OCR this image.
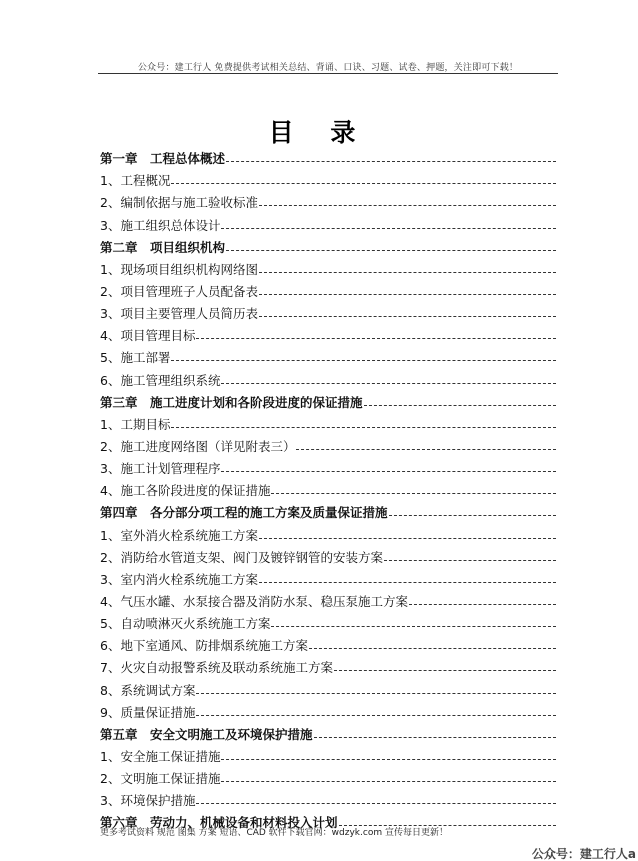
公众号：建工行人 免费提供考试相关总结、背诵、口诀、习题、试卷、押题，关注即可下载！
目 录
第一章　工程总体概述
1、工程概况
2、编制依据与施工验收标准
3、施工组织总体设计
第二章　项目组织机构
1、现场项目组织机构网络图
2、项目管理班子人员配备表
3、项目主要管理人员简历表
4、项目管理目标
5、施工部署
6、施工管理组织系统
第三章　施工进度计划和各阶段进度的保证措施
1、工期目标
2、施工进度网络图（详见附表三）
3、施工计划管理程序
4、施工各阶段进度的保证措施
第四章　各分部分项工程的施工方案及质量保证措施
1、室外消火栓系统施工方案
2、消防给水管道支架、阀门及镀锌钢管的安装方案
3、室内消火栓系统施工方案
4、气压水罐、水泵接合器及消防水泵、稳压泵施工方案
5、自动喷淋灭火系统施工方案
6、地下室通风、防排烟系统施工方案
7、火灾自动报警系统及联动系统施工方案
8、系统调试方案
9、质量保证措施
第五章　安全文明施工及环境保护措施
1、安全施工保证措施
2、文明施工保证措施
3、环境保护措施
第六章　劳动力、机械设备和材料投入计划
更多考试资料 规范 图集 方案 短语、CAD 软件下载官网：wdzyk.com 宣传每日更新！
公众号：建工行人a
